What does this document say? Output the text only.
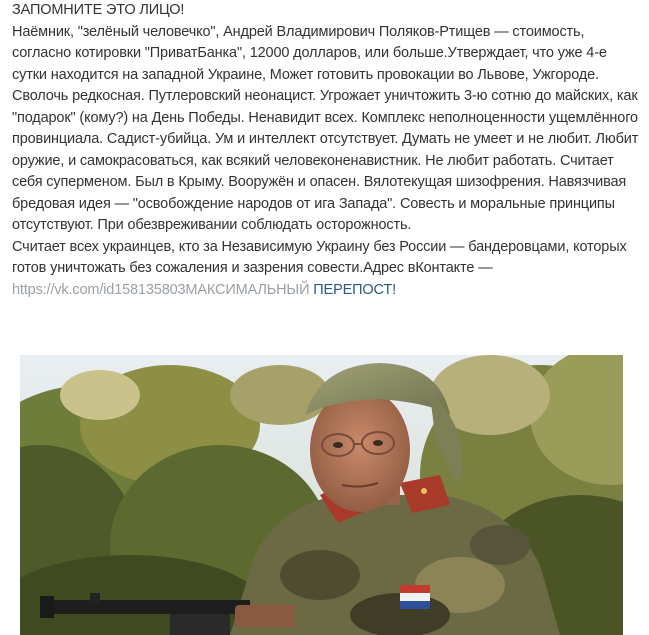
ЗАПОМНИТЕ ЭТО ЛИЦО!

Наёмник, "зелёный человечко", Андрей Владимирович Поляков-Ртищев — стоимость, согласно котировки "ПриватБанка", 12000 долларов, или больше.Утверждает, что уже 4-е сутки находится на западной Украине, Может готовить провокации во Львове, Ужгороде. Сволочь редкосная. Путлеровский неонацист. Угрожает уничтожить 3-ю сотню до майских, как "подарок" (кому?) на День Победы. Ненавидит всех. Комплекс неполноценности ущемлённого провинциала. Садист-убийца. Ум и интеллект отсутствует. Думать не умеет и не любит. Любит оружие, и самокрасоваться, как всякий человеконенавистник. Не любит работать. Считает себя суперменом. Был в Крыму. Вооружён и опасен. Вялотекущая шизофрения. Навязчивая бредовая идея — "освобождение народов от ига Запада". Совесть и моральные принципы отсутствуют. При обезвреживании соблюдать осторожность.

Считает всех украинцев, кто за Независимую Украину без России — бандеровцами, которых готов уничтожать без сожаления и зазрения совести.Адрес вКонтакте —
https://vk.com/id158135803МАКСИМАЛЬНЫЙ ПЕРЕПОСТ!
